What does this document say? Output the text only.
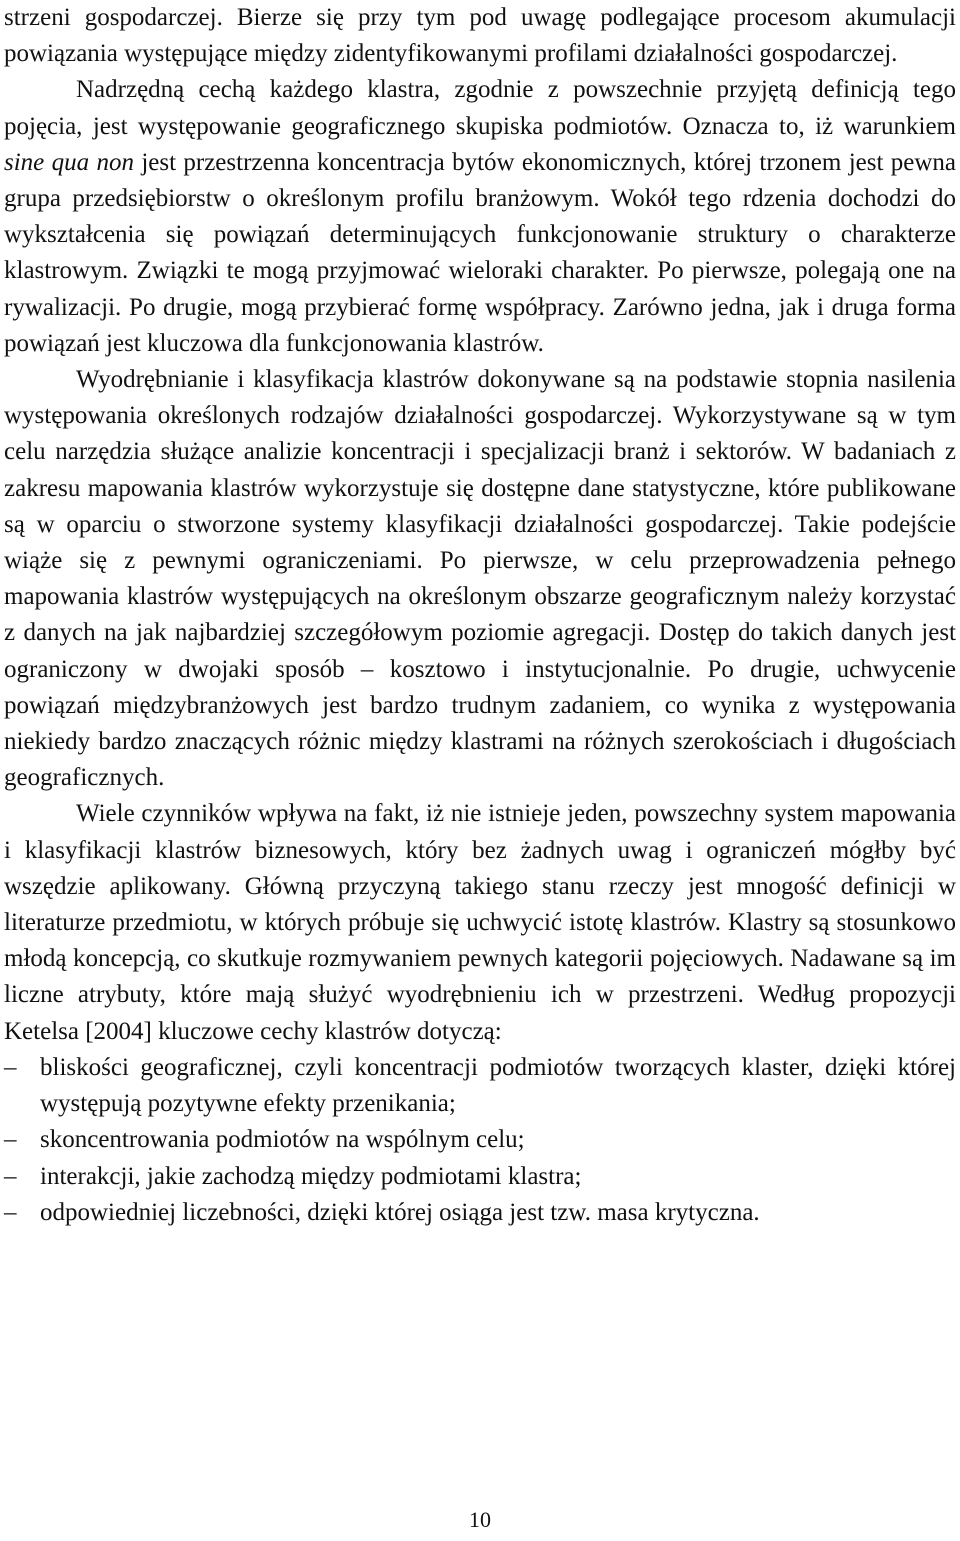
strzeni gospodarczej. Bierze się przy tym pod uwagę podlegające procesom akumulacji powiązania występujące między zidentyfikowanymi profilami działalności gospodarczej.

Nadrzędną cechą każdego klastra, zgodnie z powszechnie przyjętą definicją tego pojęcia, jest występowanie geograficznego skupiska podmiotów. Oznacza to, iż warunkiem sine qua non jest przestrzenna koncentracja bytów ekonomicznych, której trzonem jest pewna grupa przedsiębiorstw o określonym profilu branżowym. Wokół tego rdzenia dochodzi do wykształcenia się powiązań determinujących funkcjonowanie struktury o charakterze klastrowym. Związki te mogą przyjmować wieloraki charakter. Po pierwsze, polegają one na rywalizacji. Po drugie, mogą przybierać formę współpracy. Zarówno jedna, jak i druga forma powiązań jest kluczowa dla funkcjonowania klastrów.

Wyodrębnianie i klasyfikacja klastrów dokonywane są na podstawie stopnia nasilenia występowania określonych rodzajów działalności gospodarczej. Wykorzystywane są w tym celu narzędzia służące analizie koncentracji i specjalizacji branż i sektorów. W badaniach z zakresu mapowania klastrów wykorzystuje się dostępne dane statystyczne, które publikowane są w oparciu o stworzone systemy klasyfikacji działalności gospodarczej. Takie podejście wiąże się z pewnymi ograniczeniami. Po pierwsze, w celu przeprowadzenia pełnego mapowania klastrów występujących na określonym obszarze geograficznym należy korzystać z danych na jak najbardziej szczegółowym poziomie agregacji. Dostęp do takich danych jest ograniczony w dwojaki sposób – kosztowo i instytucjonalnie. Po drugie, uchwycenie powiązań międzybranżowych jest bardzo trudnym zadaniem, co wynika z występowania niekiedy bardzo znaczących różnic między klastrami na różnych szerokościach i długościach geograficznych.

Wiele czynników wpływa na fakt, iż nie istnieje jeden, powszechny system mapowania i klasyfikacji klastrów biznesowych, który bez żadnych uwag i ograniczeń mógłby być wszędzie aplikowany. Główną przyczyną takiego stanu rzeczy jest mnogość definicji w literaturze przedmiotu, w których próbuje się uchwycić istotę klastrów. Klastry są stosunkowo młodą koncepcją, co skutkuje rozmywaniem pewnych kategorii pojęciowych. Nadawane są im liczne atrybuty, które mają służyć wyodrębnieniu ich w przestrzeni. Według propozycji Ketelsa [2004] kluczowe cechy klastrów dotyczą:

– bliskości geograficznej, czyli koncentracji podmiotów tworzących klaster, dzięki której występują pozytywne efekty przenikania;
– skoncentrowania podmiotów na wspólnym celu;
– interakcji, jakie zachodzą między podmiotami klastra;
– odpowiedniej liczebności, dzięki której osiąga jest tzw. masa krytyczna.
10
